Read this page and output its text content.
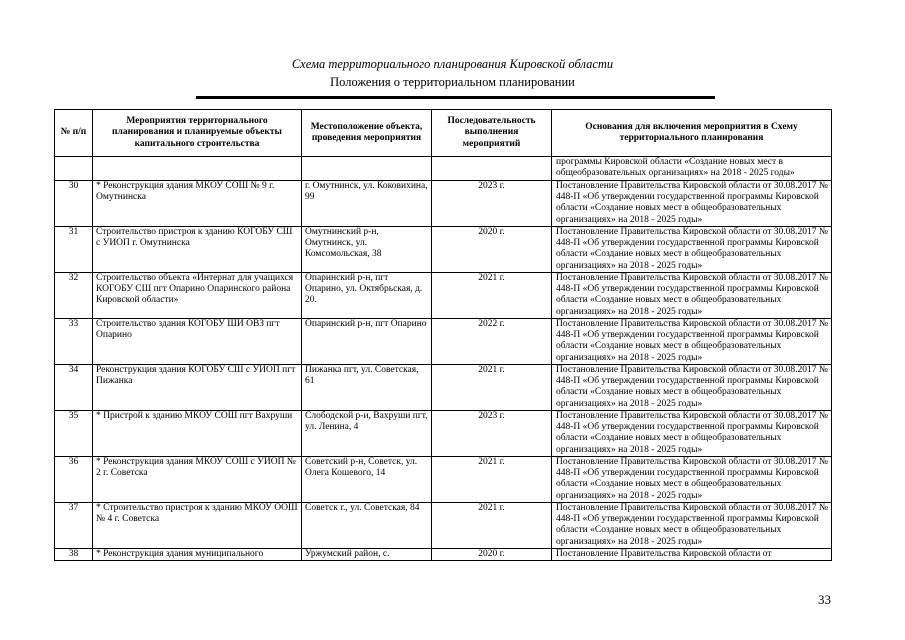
Схема территориального планирования Кировской области
Положения о территориальном планировании
№ п/п	Мероприятия территориального планирования и планируемые объекты капитального строительства	Местоположение объекта, проведения мероприятия	Последовательность выполнения мероприятий	Основания для включения мероприятия в Схему территориального планирования
				программы Кировской области «Создание новых мест в общеобразовательных организациях» на 2018 - 2025 годы»
30	* Реконструкция здания МКОУ СОШ № 9 г. Омутнинска	г. Омутнинск, ул. Коковихина, 99	2023 г.	Постановление Правительства Кировской области от 30.08.2017 № 448-П «Об утверждении государственной программы Кировской области «Создание новых мест в общеобразовательных организациях» на 2018 - 2025 годы»
31	Строительство пристроя к зданию КОГОБУ СШ с УИОП г. Омутнинска	Омутнинский р-н, Омутнинск, ул. Комсомольская, 38	2020 г.	Постановление Правительства Кировской области от 30.08.2017 № 448-П «Об утверждении государственной программы Кировской области «Создание новых мест в общеобразовательных организациях» на 2018 - 2025 годы»
32	Строительство объекта «Интернат для учащихся КОГОБУ СШ пгт Опарино Опаринского района Кировской области»	Опаринский р-н, пгт Опарино, ул. Октябрьская, д. 20.	2021 г.	Постановление Правительства Кировской области от 30.08.2017 № 448-П «Об утверждении государственной программы Кировской области «Создание новых мест в общеобразовательных организациях» на 2018 - 2025 годы»
33	Строительство здания КОГОБУ ШИ ОВЗ пгт Опарино	Опаринский р-н, пгт Опарино	2022 г.	Постановление Правительства Кировской области от 30.08.2017 № 448-П «Об утверждении государственной программы Кировской области «Создание новых мест в общеобразовательных организациях» на 2018 - 2025 годы»
34	Реконструкция здания КОГОБУ СШ с УИОП пгт Пижанка	Пижанка пгт, ул. Советская, 61	2021 г.	Постановление Правительства Кировской области от 30.08.2017 № 448-П «Об утверждении государственной программы Кировской области «Создание новых мест в общеобразовательных организациях» на 2018 - 2025 годы»
35	* Пристрой к зданию МКОУ СОШ пгт Вахруши	Слободской р-и, Вахруши пгт, ул. Ленина, 4	2023 г.	Постановление Правительства Кировской области от 30.08.2017 № 448-П «Об утверждении государственной программы Кировской области «Создание новых мест в общеобразовательных организациях» на 2018 - 2025 годы»
36	* Реконструкция здания МКОУ СОШ с УИОП № 2 г. Советска	Советский р-н, Советск, ул. Олега Кошевого, 14	2021 г.	Постановление Правительства Кировской области от 30.08.2017 № 448-П «Об утверждении государственной программы Кировской области «Создание новых мест в общеобразовательных организациях» на 2018 - 2025 годы»
37	* Строительство пристроя к зданию МКОУ ООШ № 4 г. Советска	Советск г., ул. Советская, 84	2021 г.	Постановление Правительства Кировской области от 30.08.2017 № 448-П «Об утверждении государственной программы Кировской области «Создание новых мест в общеобразовательных организациях» на 2018 - 2025 годы»
38	* Реконструкция здания муниципального	Уржумский район, с.	2020 г.	Постановление Правительства Кировской области от
33
